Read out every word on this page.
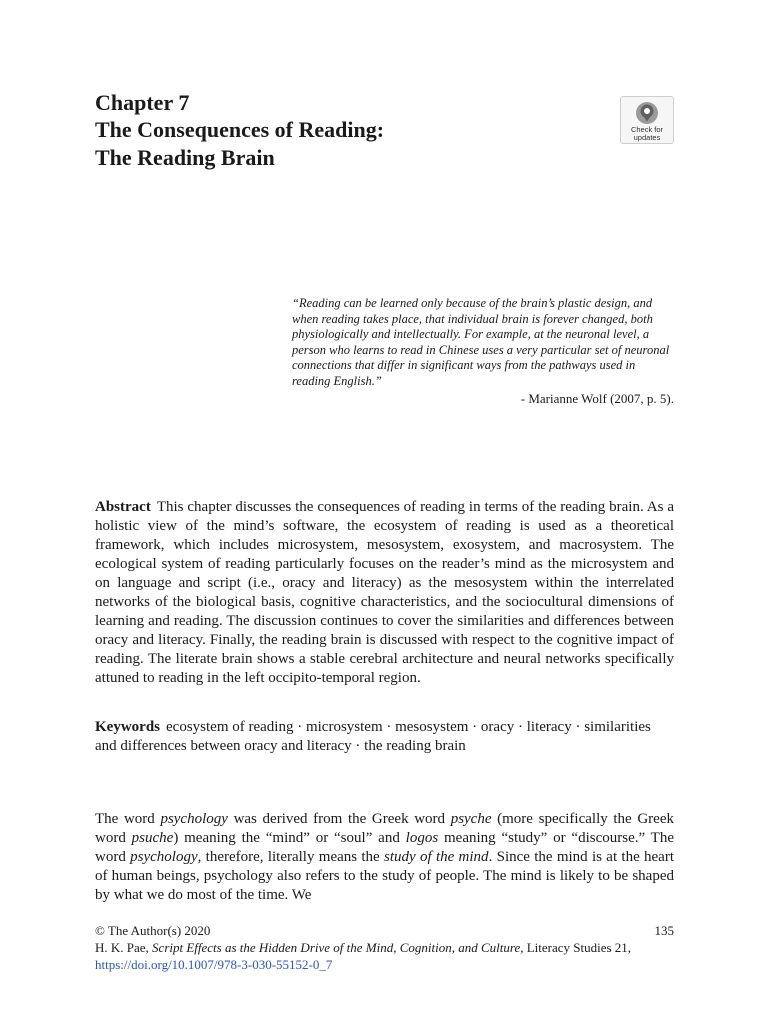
Chapter 7
The Consequences of Reading:
The Reading Brain
Check for
updates

“Reading can be learned only because of the brain’s plastic design, and when reading takes place, that individual brain is forever changed, both physiologically and intellectually. For example, at the neuronal level, a person who learns to read in Chinese uses a very particular set of neuronal connections that differ in significant ways from the pathways used in reading English.”

- Marianne Wolf (2007, p. 5).

Abstract This chapter discusses the consequences of reading in terms of the reading brain. As a holistic view of the mind’s software, the ecosystem of reading is used as a theoretical framework, which includes microsystem, mesosystem, exosystem, and macrosystem. The ecological system of reading particularly focuses on the reader’s mind as the microsystem and on language and script (i.e., oracy and literacy) as the mesosystem within the interrelated networks of the biological basis, cognitive characteristics, and the sociocultural dimensions of learning and reading. The discussion continues to cover the similarities and differences between oracy and literacy. Finally, the reading brain is discussed with respect to the cognitive impact of reading. The literate brain shows a stable cerebral architecture and neural networks specifically attuned to reading in the left occipito-temporal region.

Keywords ecosystem of reading · microsystem · mesosystem · oracy · literacy · similarities and differences between oracy and literacy · the reading brain

The word psychology was derived from the Greek word psyche (more specifically the Greek word psuche) meaning the “mind” or “soul” and logos meaning “study” or “discourse.” The word psychology, therefore, literally means the study of the mind. Since the mind is at the heart of human beings, psychology also refers to the study of people. The mind is likely to be shaped by what we do most of the time. We

© The Author(s) 2020	135
H. K. Pae, Script Effects as the Hidden Drive of the Mind, Cognition, and Culture, Literacy Studies 21, https://doi.org/10.1007/978-3-030-55152-0_7
